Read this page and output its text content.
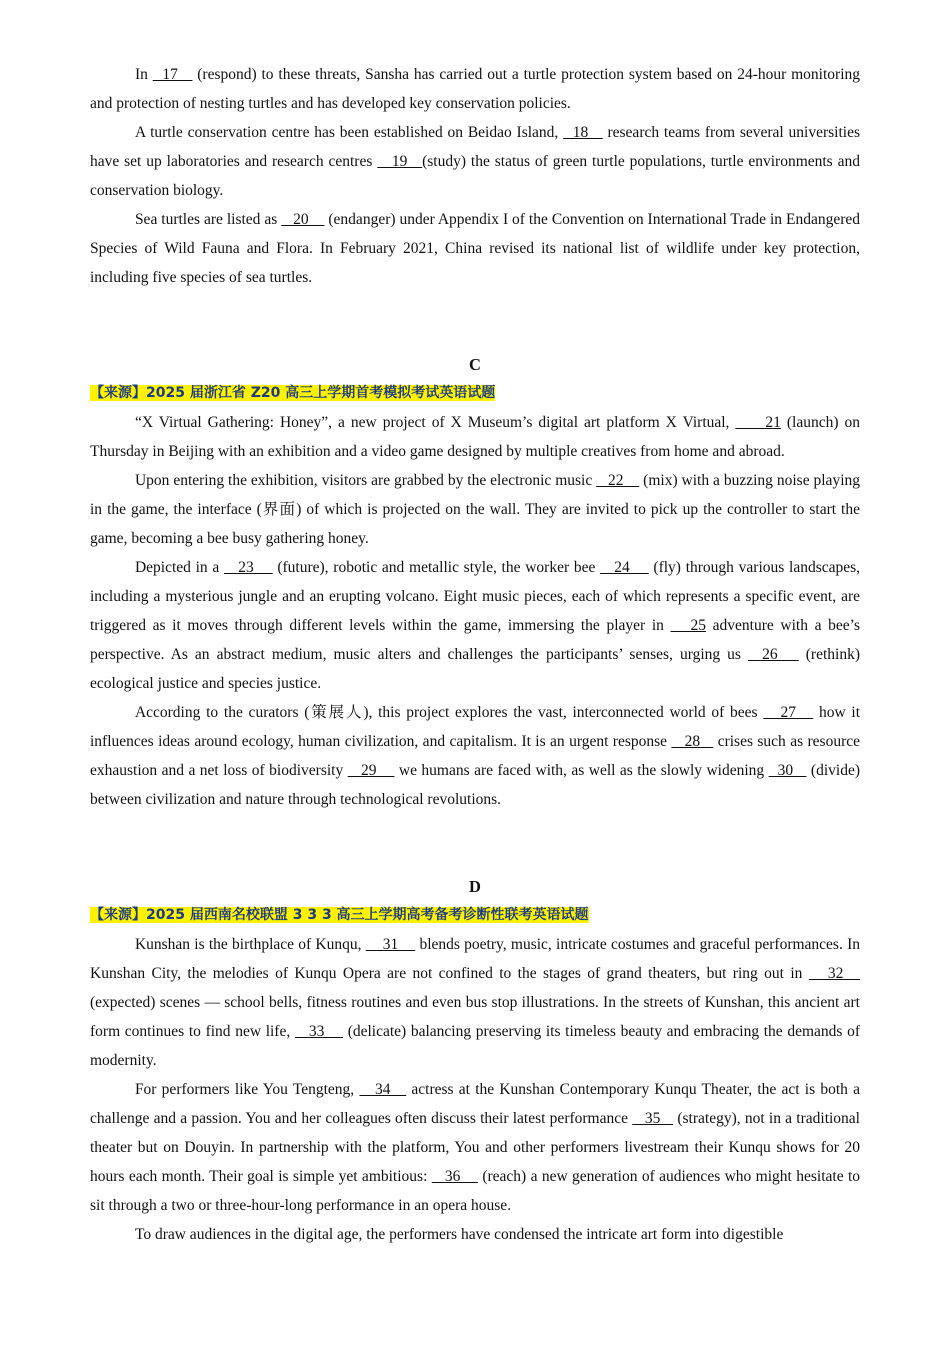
In   17    (respond) to these threats, Sansha has carried out a turtle protection system based on 24-hour monitoring and protection of nesting turtles and has developed key conservation policies.

A turtle conservation centre has been established on Beidao Island,   18    research teams from several universities have set up laboratories and research centres    19   (study) the status of green turtle populations, turtle environments and conservation biology.

Sea turtles are listed as    20     (endanger) under Appendix I of the Convention on International Trade in Endangered Species of Wild Fauna and Flora. In February 2021, China revised its national list of wildlife under key protection, including five species of sea turtles.

C
【来源】2025 届浙江省 Z20 高三上学期首考模拟考试英语试题

“X Virtual Gathering: Honey”, a new project of X Museum’s digital art platform X Virtual,      21 (launch) on Thursday in Beijing with an exhibition and a video game designed by multiple creatives from home and abroad.

Upon entering the exhibition, visitors are grabbed by the electronic music    22     (mix) with a buzzing noise playing in the game, the interface (界面) of which is projected on the wall. They are invited to pick up the controller to start the game, becoming a bee busy gathering honey.

Depicted in a    23     (future), robotic and metallic style, the worker bee    24     (fly) through various landscapes, including a mysterious jungle and an erupting volcano. Eight music pieces, each of which represents a specific event, are triggered as it moves through different levels within the game, immersing the player in    25 adventure with a bee’s perspective. As an abstract medium, music alters and challenges the participants’ senses, urging us   26    (rethink) ecological justice and species justice.

According to the curators (策展人), this project explores the vast, interconnected world of bees    27    how it influences ideas around ecology, human civilization, and capitalism. It is an urgent response    28    crises such as resource exhaustion and a net loss of biodiversity    29     we humans are faced with, as well as the slowly widening   30    (divide) between civilization and nature through technological revolutions.

D
【来源】2025 届西南名校联盟 3 3 3 高三上学期高考备考诊断性联考英语试题

Kunshan is the birthplace of Kunqu,     31     blends poetry, music, intricate costumes and graceful performances. In Kunshan City, the melodies of Kunqu Opera are not confined to the stages of grand theaters, but ring out in    32    (expected) scenes — school bells, fitness routines and even bus stop illustrations. In the streets of Kunshan, this ancient art form continues to find new life,    33     (delicate) balancing preserving its timeless beauty and embracing the demands of modernity.

For performers like You Tengteng,    34    actress at the Kunshan Contemporary Kunqu Theater, the act is both a challenge and a passion. You and her colleagues often discuss their latest performance    35    (strategy), not in a traditional theater but on Douyin. In partnership with the platform, You and other performers livestream their Kunqu shows for 20 hours each month. Their goal is simple yet ambitious:    36     (reach) a new generation of audiences who might hesitate to sit through a two or three-hour-long performance in an opera house.

To draw audiences in the digital age, the performers have condensed the intricate art form into digestible
